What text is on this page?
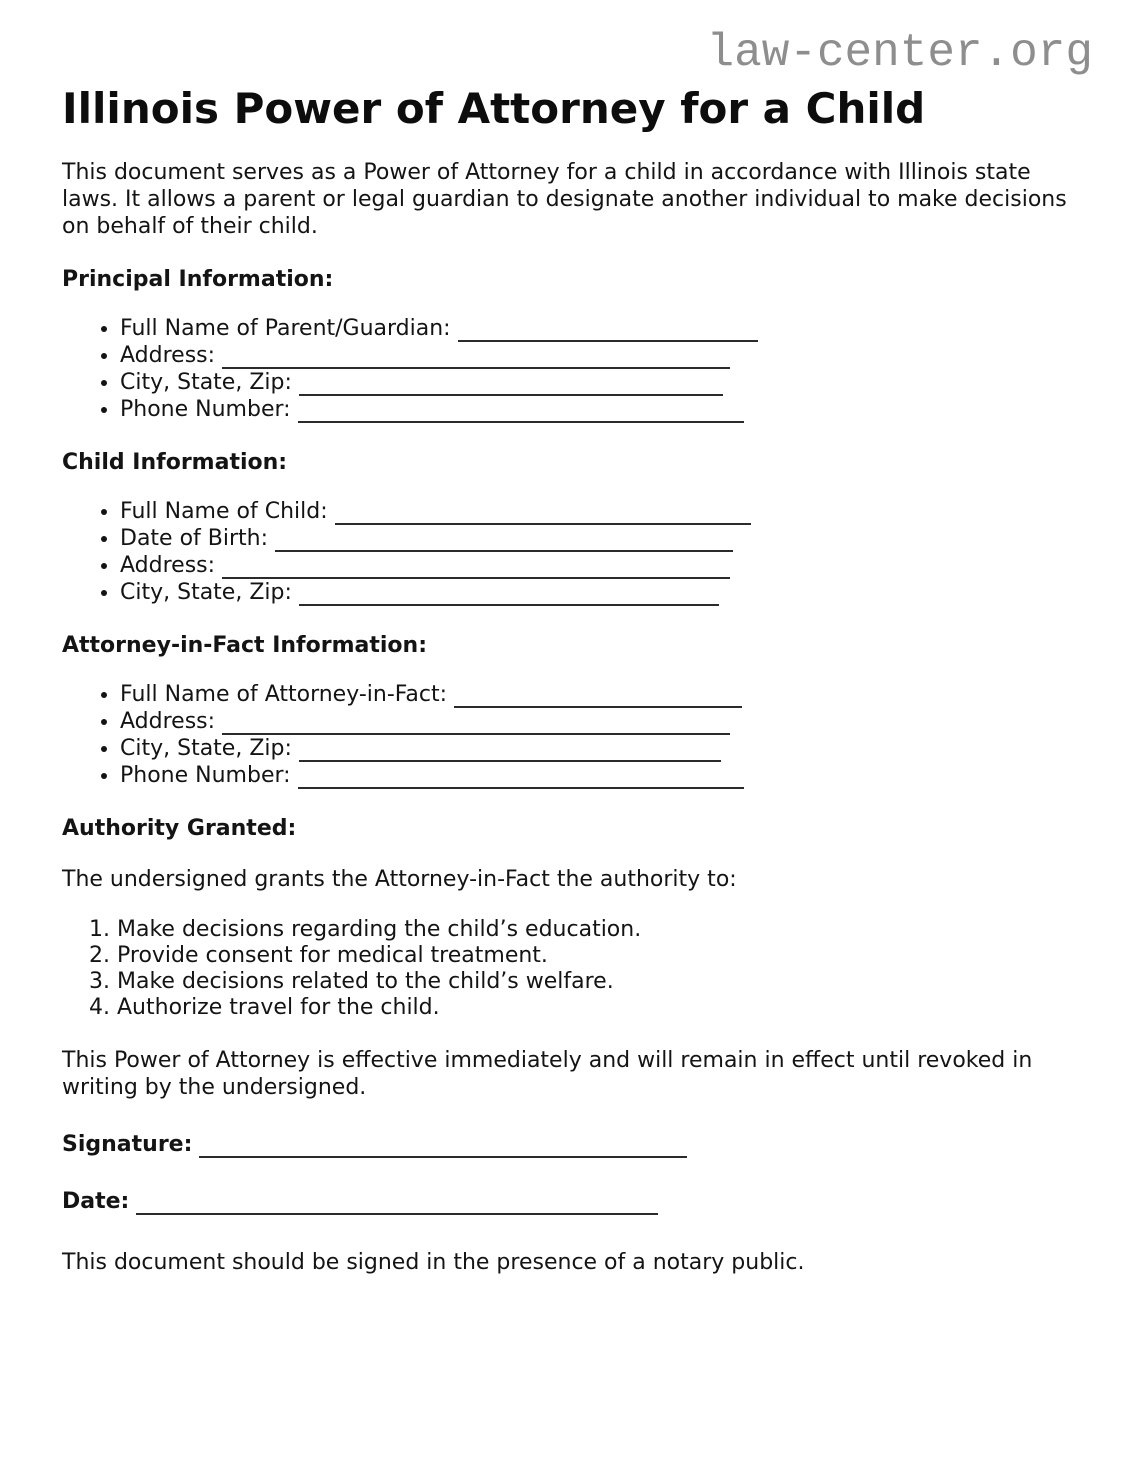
law-center.org
Illinois Power of Attorney for a Child

This document serves as a Power of Attorney for a child in accordance with Illinois state laws. It allows a parent or legal guardian to designate another individual to make decisions on behalf of their child.

Principal Information:

• Full Name of Parent/Guardian:
• Address:
• City, State, Zip:
• Phone Number:

Child Information:

• Full Name of Child:
• Date of Birth:
• Address:
• City, State, Zip:

Attorney-in-Fact Information:

• Full Name of Attorney-in-Fact:
• Address:
• City, State, Zip:
• Phone Number:

Authority Granted:

The undersigned grants the Attorney-in-Fact the authority to:

1. Make decisions regarding the child’s education.
2. Provide consent for medical treatment.
3. Make decisions related to the child’s welfare.
4. Authorize travel for the child.

This Power of Attorney is effective immediately and will remain in effect until revoked in writing by the undersigned.

Signature:

Date:

This document should be signed in the presence of a notary public.
